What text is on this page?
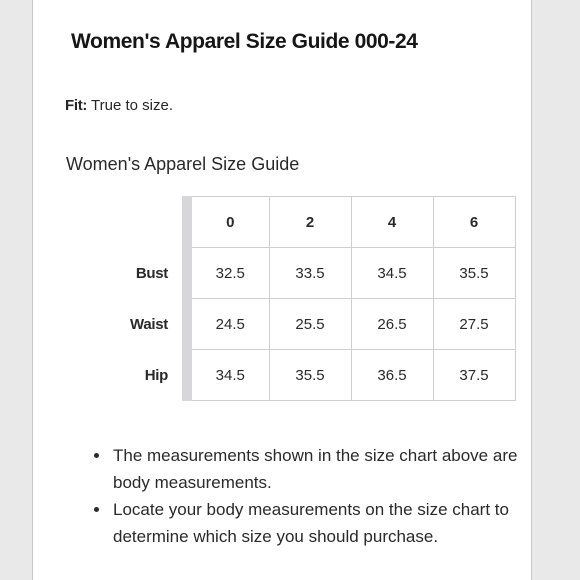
Women's Apparel Size Guide 000-24
Fit: True to size.
Women's Apparel Size Guide
	0	2	4	6
Bust	32.5	33.5	34.5	35.5
Waist	24.5	25.5	26.5	27.5
Hip	34.5	35.5	36.5	37.5
• The measurements shown in the size chart above are body measurements.
• Locate your body measurements on the size chart to determine which size you should purchase.
